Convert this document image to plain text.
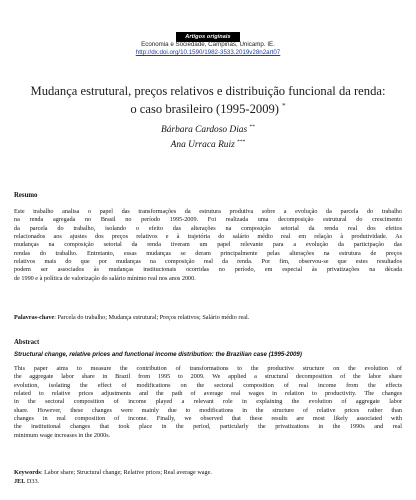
Artigos originais
Economia e Sociedade, Campinas, Unicamp. IE.
http://dx.doi.org/10.1590/1982-3533.2019v28n2art07
Mudança estrutural, preços relativos e distribuição funcional da renda:
o caso brasileiro (1995-2009) *
Bárbara Cardoso Dias **
Ana Urraca Ruiz ***
Resumo
Este trabalho analisa o papel das transformações da estrutura produtiva sobre a evolução da parcela do trabalho
na renda agregada no Brasil no período 1995-2009. Foi realizada uma decomposição estrutural do crescimento
da parcela do trabalho, isolando o efeito das alterações na composição setorial da renda real dos efeitos
relacionados aos ajustes dos preços relativos e à trajetória do salário médio real em relação à produtividade. As
mudanças na composição setorial da renda tiveram um papel relevante para a evolução da participação das
rendas do trabalho. Entretanto, essas mudanças se deram principalmente pelas alterações na estrutura de preços
relativos mais do que por mudanças na composição real da renda. Por fim, observou-se que estes resultados
podem ser associados às mudanças institucionais ocorridas no período, em especial às privatizações na década
de 1990 e à política de valorização do salário mínimo real nos anos 2000.
Palavras-chave: Parcela do trabalho; Mudança estrutural; Preços relativos; Salário médio real.
Abstract
Structural change, relative prices and functional income distribution: the Brazilian case (1995-2009)
This paper aims to measure the contribution of transformations to the productive structure on the evolution of
the aggregate labor share in Brazil from 1995 to 2009. We applied a structural decomposition of the labor share
evolution, isolating the effect of modifications on the sectoral composition of real income from the effects
related to relative prices adjustments and the path of average real wages in relation to productivity. The changes
in the sectoral composition of income played a relevant role in explaining the evolution of aggregate labor
share. However, these changes were mainly due to modifications in the structure of relative prices rather than
changes in real composition of income. Finally, we observed that these results are most likely associated with
the institutional changes that took place in the period, particularly the privatizations in the 1990s and real
minimum wage increases in the 2000s.
Keywords: Labor share; Structural change; Relative prices; Real average wage.
JEL D33.
